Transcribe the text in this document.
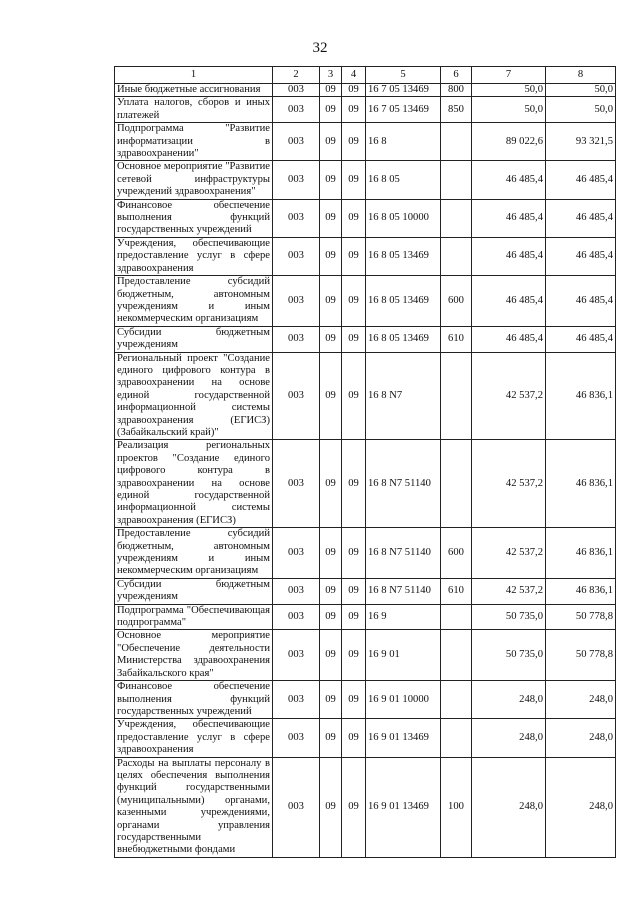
32
1	2	3	4	5	6	7	8
Иные бюджетные ассигнования	003	09	09	16 7 05 13469	800	50,0	50,0
Уплата налогов, сборов и иных платежей	003	09	09	16 7 05 13469	850	50,0	50,0
Подпрограмма "Развитие информатизации в здравоохранении"	003	09	09	16 8		89 022,6	93 321,5
Основное мероприятие "Развитие сетевой инфраструктуры учреждений здравоохранения"	003	09	09	16 8 05		46 485,4	46 485,4
Финансовое обеспечение выполнения функций государственных учреждений	003	09	09	16 8 05 10000		46 485,4	46 485,4
Учреждения, обеспечивающие предоставление услуг в сфере здравоохранения	003	09	09	16 8 05 13469		46 485,4	46 485,4
Предоставление субсидий бюджетным, автономным учреждениям и иным некоммерческим организациям	003	09	09	16 8 05 13469	600	46 485,4	46 485,4
Субсидии бюджетным учреждениям	003	09	09	16 8 05 13469	610	46 485,4	46 485,4
Региональный проект "Создание единого цифрового контура в здравоохранении на основе единой государственной информационной системы здравоохранения (ЕГИСЗ) (Забайкальский край)"	003	09	09	16 8 N7		42 537,2	46 836,1
Реализация региональных проектов "Создание единого цифрового контура в здравоохранении на основе единой государственной информационной системы здравоохранения (ЕГИСЗ)	003	09	09	16 8 N7 51140		42 537,2	46 836,1
Предоставление субсидий бюджетным, автономным учреждениям и иным некоммерческим организациям	003	09	09	16 8 N7 51140	600	42 537,2	46 836,1
Субсидии бюджетным учреждениям	003	09	09	16 8 N7 51140	610	42 537,2	46 836,1
Подпрограмма "Обеспечивающая подпрограмма"	003	09	09	16 9		50 735,0	50 778,8
Основное мероприятие "Обеспечение деятельности Министерства здравоохранения Забайкальского края"	003	09	09	16 9 01		50 735,0	50 778,8
Финансовое обеспечение выполнения функций государственных учреждений	003	09	09	16 9 01 10000		248,0	248,0
Учреждения, обеспечивающие предоставление услуг в сфере здравоохранения	003	09	09	16 9 01 13469		248,0	248,0
Расходы на выплаты персоналу в целях обеспечения выполнения функций государственными (муниципальными) органами, казенными учреждениями, органами управления государственными внебюджетными фондами	003	09	09	16 9 01 13469	100	248,0	248,0
